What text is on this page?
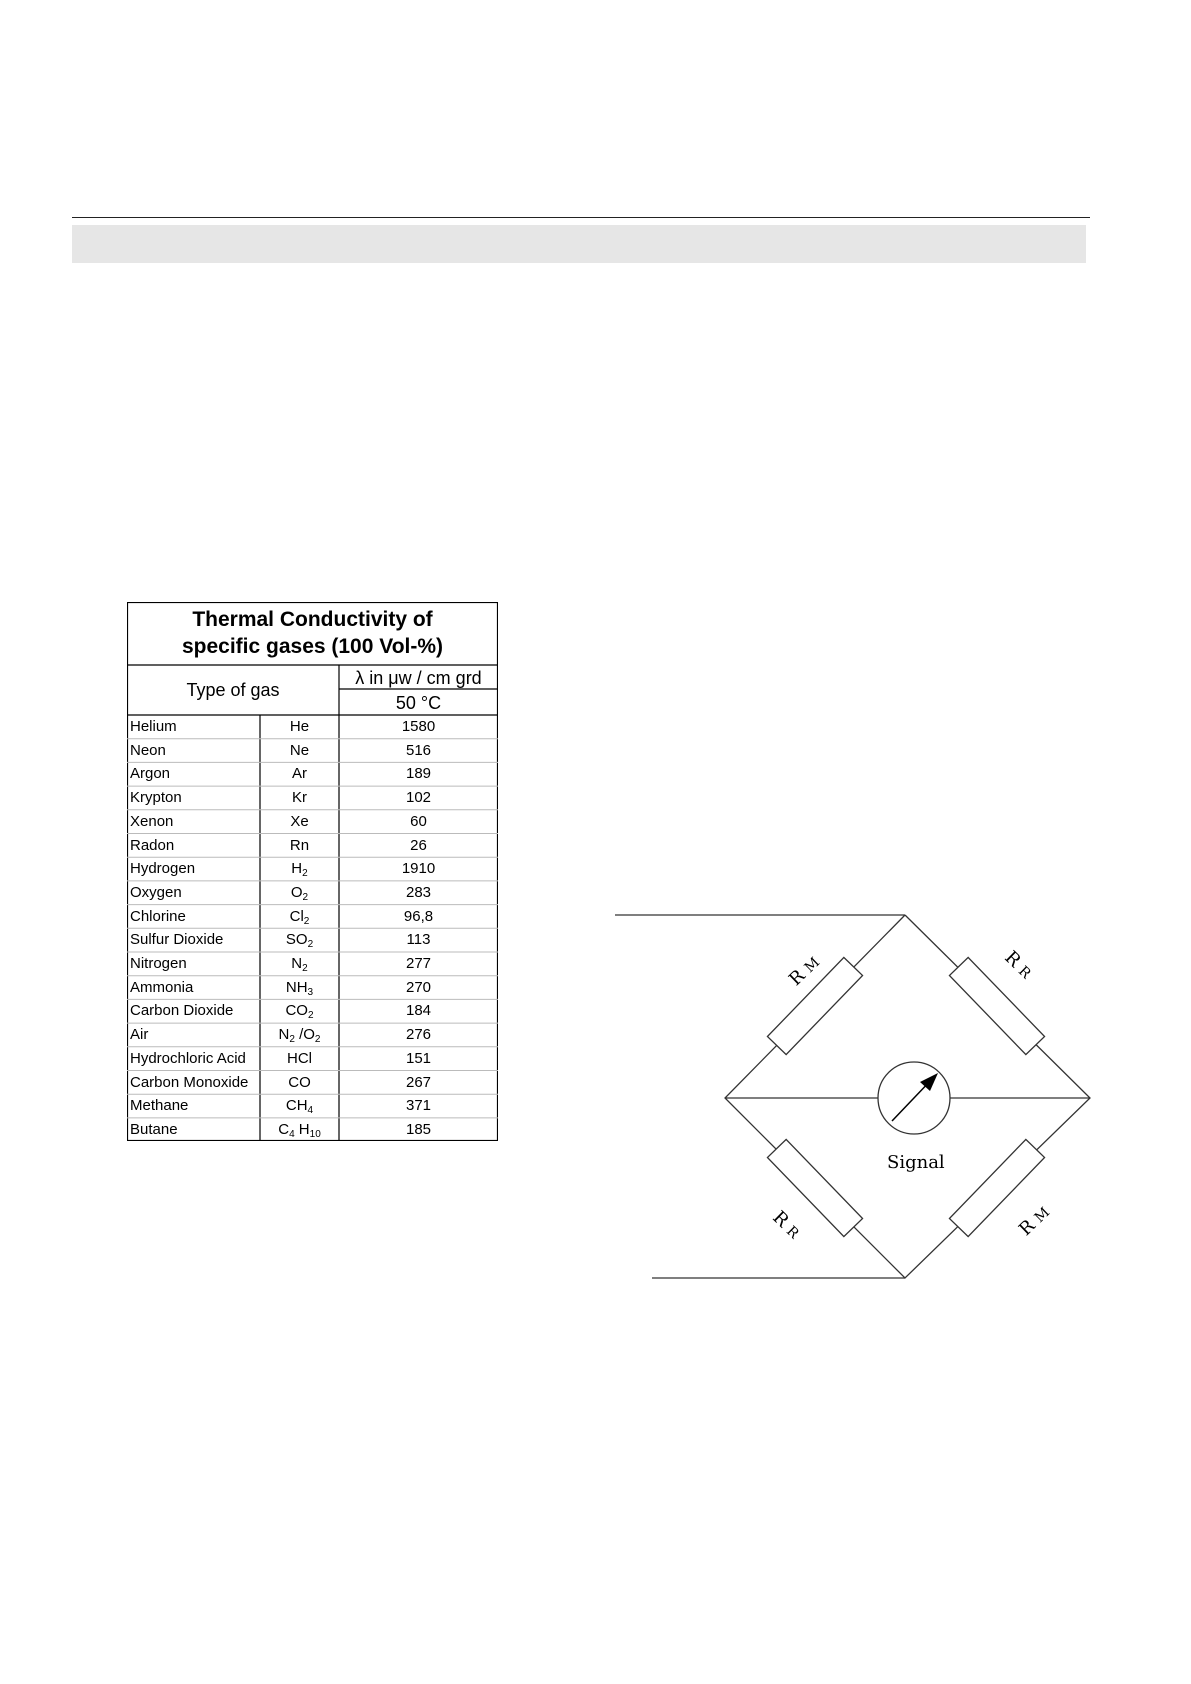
Thermal Conductivity of
specific gases (100 Vol-%)
Type of gas
λ in μw / cm grd
50 °C
Helium	He	1580
Neon	Ne	516
Argon	Ar	189
Krypton	Kr	102
Xenon	Xe	60
Radon	Rn	26
Hydrogen	$H_2$	1910
Oxygen	$O_2$	283
Chlorine	$Cl_2$	96,8
Sulfur Dioxide	$SO_2$	113
Nitrogen	$N_2$	277
Ammonia	$NH_3$	270
Carbon Dioxide	$CO_2$	184
Air	$N_2$ $/O_2$	276
Hydrochloric Acid	HCl	151
Carbon Monoxide	CO	267
Methane	$CH_4$	371
Butane	$C_4$ $H_{10}$	185
Signal
R M	R R
R R	R M
